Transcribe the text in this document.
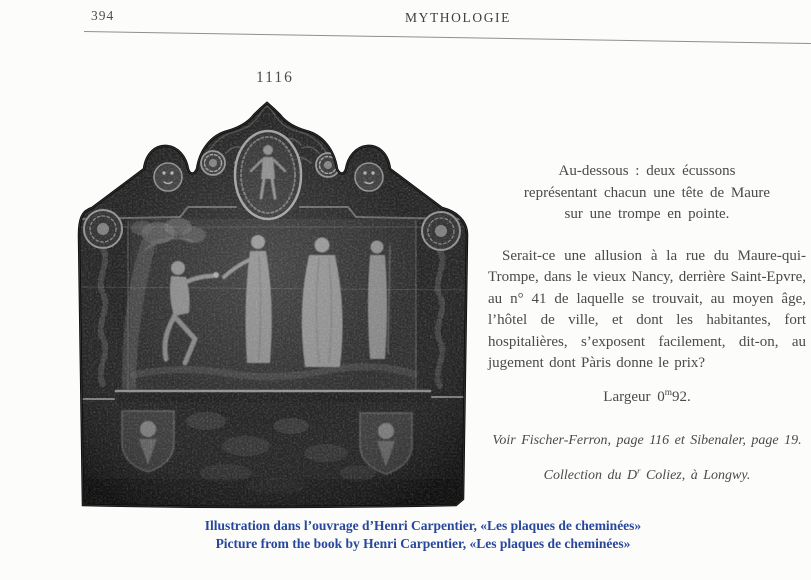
394	MYTHOLOGIE
1116

Au-dessous : deux écussons
représentant chacun une tête de Maure
sur une trompe en pointe.

Serait-ce une allusion à la rue du Maure-qui-Trompe, dans le vieux Nancy, derrière Saint-Epvre, au n° 41 de laquelle se trouvait, au moyen âge, l’hôtel de ville, et dont les habitantes, fort hospitalières, s’exposent facilement, dit-on, au jugement dont Pàris donne le prix?

Largeur 0$^m$92.

Voir Fischer-Ferron, page 116 et Sibenaler, page 19.

Collection du $D^r$ Coliez, à Longwy.

Illustration dans l’ouvrage d’Henri Carpentier, «Les plaques de cheminées»
Picture from the book by Henri Carpentier, «Les plaques de cheminées»
